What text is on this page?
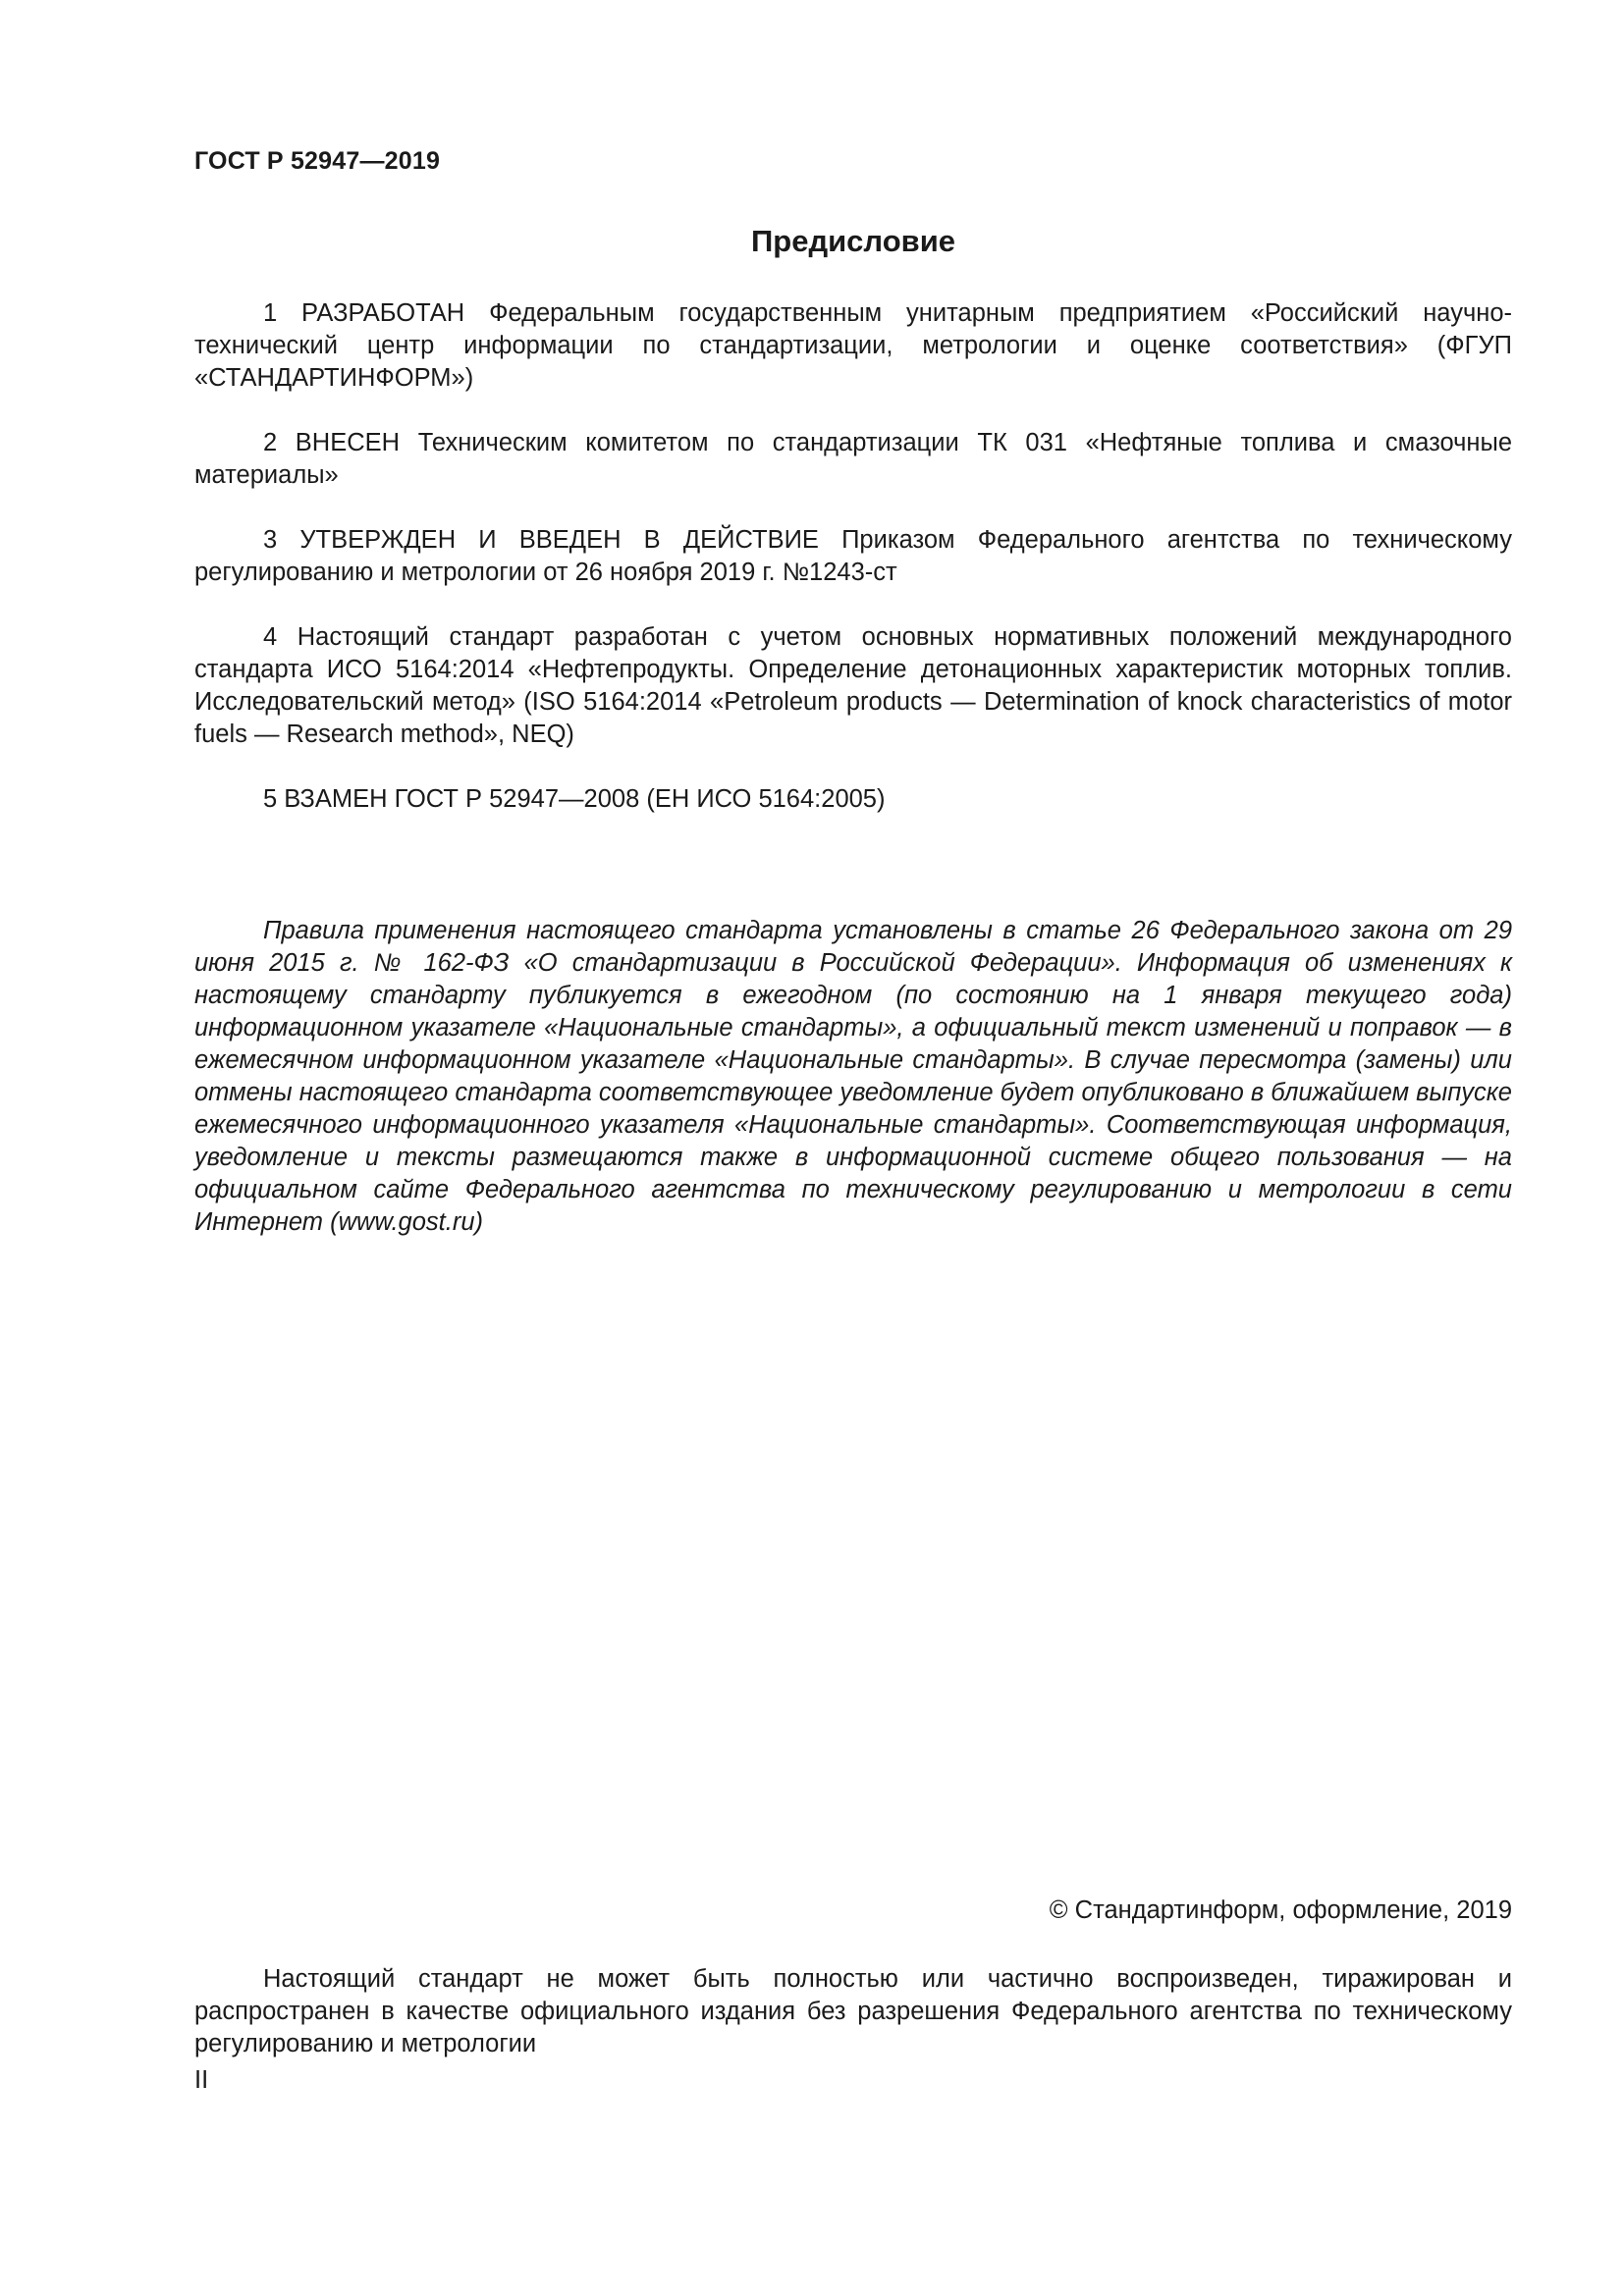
ГОСТ Р 52947—2019
Предисловие

1 РАЗРАБОТАН Федеральным государственным унитарным предприятием «Российский научно-технический центр информации по стандартизации, метрологии и оценке соответствия» (ФГУП «СТАНДАРТИНФОРМ»)

2 ВНЕСЕН Техническим комитетом по стандартизации ТК 031 «Нефтяные топлива и смазочные материалы»

3 УТВЕРЖДЕН И ВВЕДЕН В ДЕЙСТВИЕ Приказом Федерального агентства по техническому регулированию и метрологии от 26 ноября 2019 г. №1243-ст

4 Настоящий стандарт разработан с учетом основных нормативных положений международного стандарта ИСО 5164:2014 «Нефтепродукты. Определение детонационных характеристик моторных топлив. Исследовательский метод» (ISO 5164:2014 «Petroleum products — Determination of knock characteristics of motor fuels — Research method», NEQ)

5 ВЗАМЕН ГОСТ Р 52947—2008 (ЕН ИСО 5164:2005)

Правила применения настоящего стандарта установлены в статье 26 Федерального закона от 29 июня 2015 г. № 162-ФЗ «О стандартизации в Российской Федерации». Информация об изменениях к настоящему стандарту публикуется в ежегодном (по состоянию на 1 января текущего года) информационном указателе «Национальные стандарты», а официальный текст изменений и поправок — в ежемесячном информационном указателе «Национальные стандарты». В случае пересмотра (замены) или отмены настоящего стандарта соответствующее уведомление будет опубликовано в ближайшем выпуске ежемесячного информационного указателя «Национальные стандарты». Соответствующая информация, уведомление и тексты размещаются также в информационной системе общего пользования — на официальном сайте Федерального агентства по техническому регулированию и метрологии в сети Интернет (www.gost.ru)

© Стандартинформ, оформление, 2019

Настоящий стандарт не может быть полностью или частично воспроизведен, тиражирован и распространен в качестве официального издания без разрешения Федерального агентства по техническому регулированию и метрологии

II
